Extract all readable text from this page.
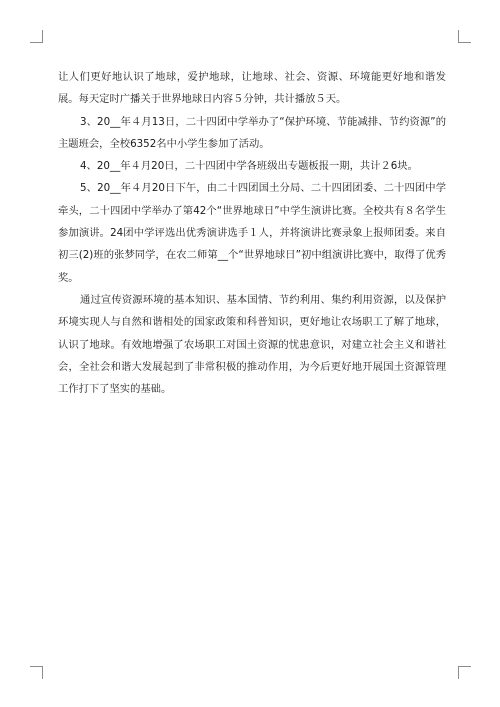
让人们更好地认识了地球，爱护地球，让地球、社会、资源、环境能更好地和谐发展。每天定时广播关于世界地球日内容５分钟，共计播放５天。

3、20__年４月13日，二十四团中学举办了“保护环境、节能减排、节约资源”的主题班会，全校6352名中小学生参加了活动。

4、20__年４月20日，二十四团中学各班级出专题板报一期，共计２6块。

5、20__年４月20日下午，由二十四团国土分局、二十四团团委、二十四团中学牵头，二十四团中学举办了第42个“世界地球日”中学生演讲比赛。全校共有８名学生参加演讲。24团中学评选出优秀演讲选手１人，并将演讲比赛录象上报师团委。来自初三(2)班的张梦同学，在农二师第__个“世界地球日”初中组演讲比赛中，取得了优秀奖。

通过宣传资源环境的基本知识、基本国情、节约利用、集约利用资源，以及保护环境实现人与自然和谐相处的国家政策和科普知识，更好地让农场职工了解了地球，认识了地球。有效地增强了农场职工对国土资源的忧患意识，对建立社会主义和谐社会，全社会和谐大发展起到了非常积极的推动作用，为今后更好地开展国土资源管理工作打下了坚实的基础。
